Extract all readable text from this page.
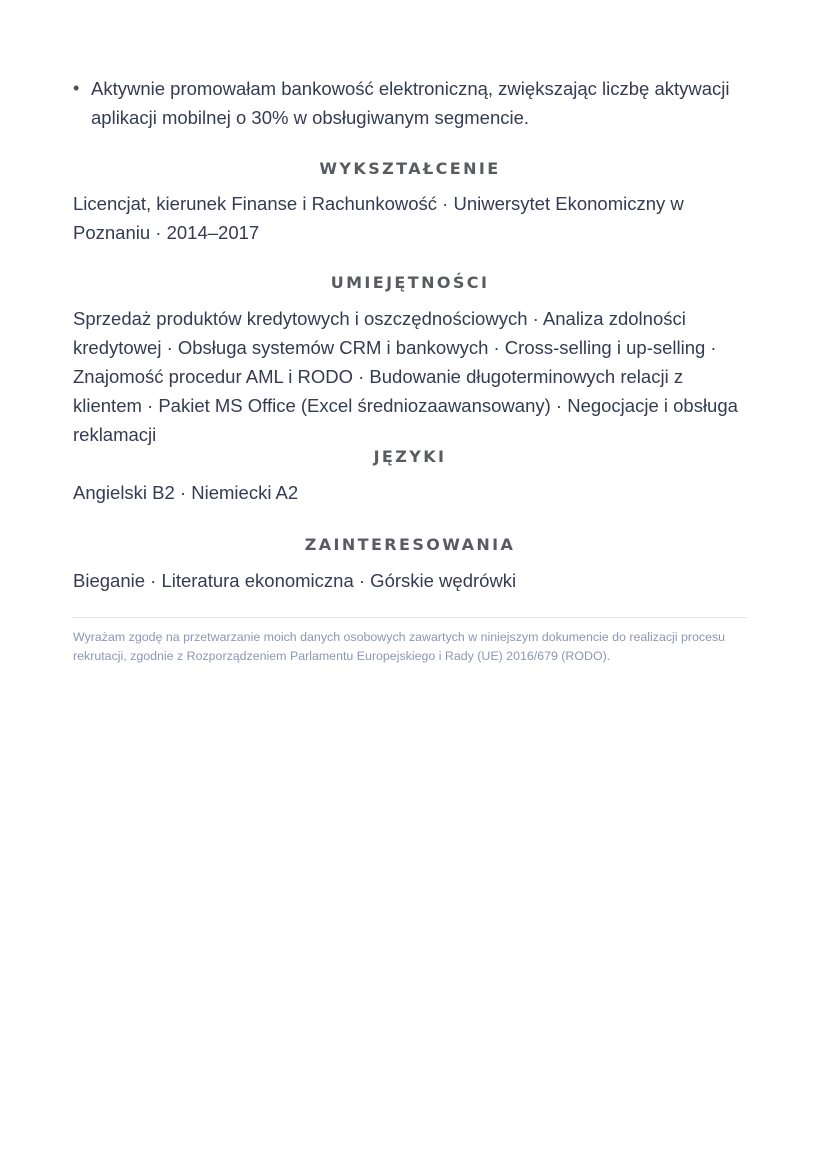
• Aktywnie promowałam bankowość elektroniczną, zwiększając liczbę aktywacji aplikacji mobilnej o 30% w obsługiwanym segmencie.
WYKSZTAŁCENIE
Licencjat, kierunek Finanse i Rachunkowość · Uniwersytet Ekonomiczny w Poznaniu · 2014–2017
UMIEJĘTNOŚCI
Sprzedaż produktów kredytowych i oszczędnościowych · Analiza zdolności kredytowej · Obsługa systemów CRM i bankowych · Cross-selling i up-selling · Znajomość procedur AML i RODO · Budowanie długoterminowych relacji z klientem · Pakiet MS Office (Excel średniozaawansowany) · Negocjacje i obsługa reklamacji
JĘZYKI
Angielski B2 · Niemiecki A2
ZAINTERESOWANIA
Bieganie · Literatura ekonomiczna · Górskie wędrówki
Wyrażam zgodę na przetwarzanie moich danych osobowych zawartych w niniejszym dokumencie do realizacji procesu rekrutacji, zgodnie z Rozporządzeniem Parlamentu Europejskiego i Rady (UE) 2016/679 (RODO).
